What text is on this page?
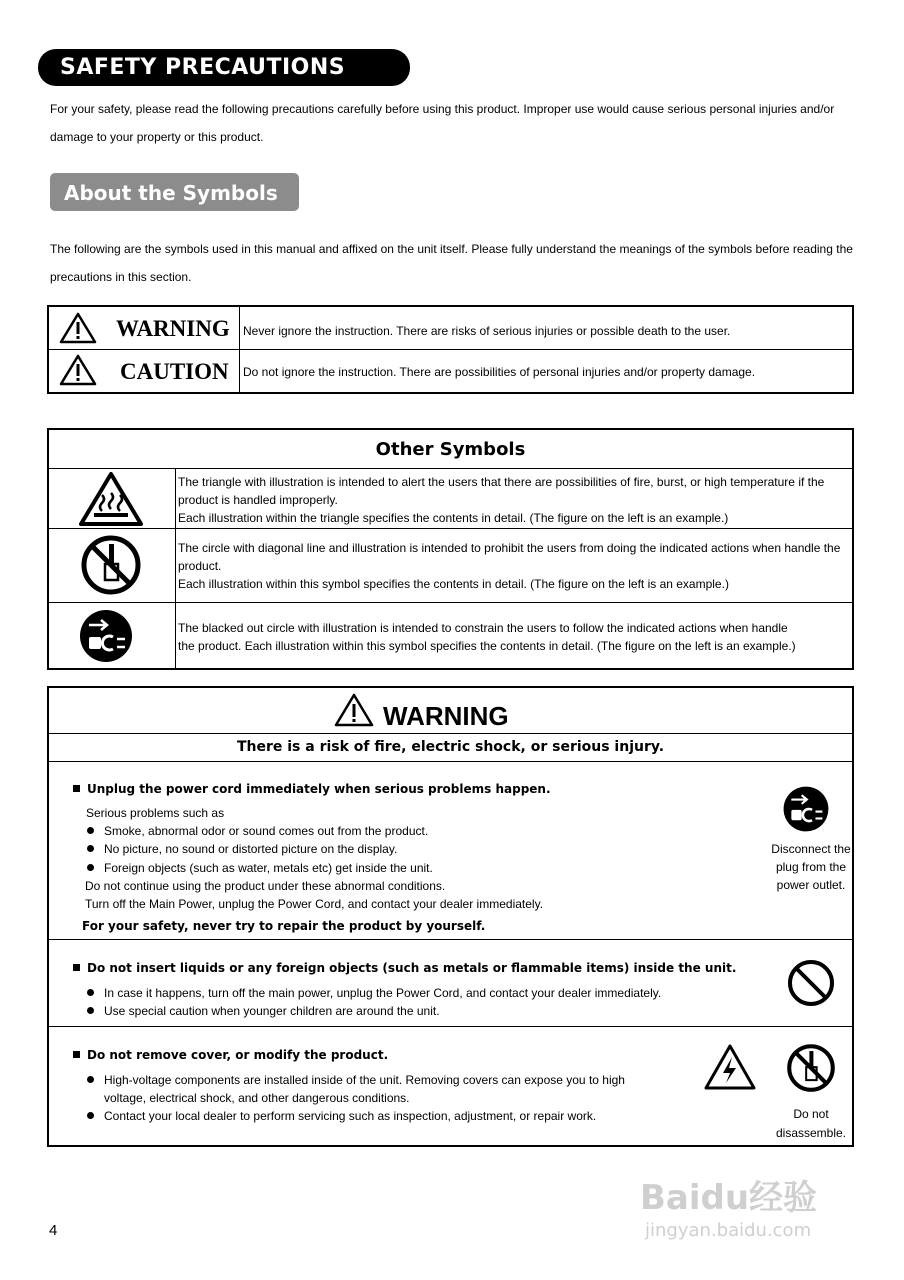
SAFETY PRECAUTIONS
For your safety, please read the following precautions carefully before using this product. Improper use would cause serious personal injuries and/or
damage to your property or this product.
About the Symbols
The following are the symbols used in this manual and affixed on the unit itself. Please fully understand the meanings of the symbols before reading the
precautions in this section.
WARNING Never ignore the instruction. There are risks of serious injuries or possible death to the user.
CAUTION Do not ignore the instruction. There are possibilities of personal injuries and/or property damage.
Other Symbols
The triangle with illustration is intended to alert the users that there are possibilities of fire, burst, or high temperature if the
product is handled improperly.
Each illustration within the triangle specifies the contents in detail. (The figure on the left is an example.)
The circle with diagonal line and illustration is intended to prohibit the users from doing the indicated actions when handle the
product.
Each illustration within this symbol specifies the contents in detail. (The figure on the left is an example.)
The blacked out circle with illustration is intended to constrain the users to follow the indicated actions when handle
the product. Each illustration within this symbol specifies the contents in detail. (The figure on the left is an example.)
WARNING
There is a risk of fire, electric shock, or serious injury.
Unplug the power cord immediately when serious problems happen.
Serious problems such as
Smoke, abnormal odor or sound comes out from the product.
No picture, no sound or distorted picture on the display.
Foreign objects (such as water, metals etc) get inside the unit.
Do not continue using the product under these abnormal conditions.
Turn off the Main Power, unplug the Power Cord, and contact your dealer immediately.
For your safety, never try to repair the product by yourself.
Disconnect the
plug from the
power outlet.
Do not insert liquids or any foreign objects (such as metals or flammable items) inside the unit.
In case it happens, turn off the main power, unplug the Power Cord, and contact your dealer immediately.
Use special caution when younger children are around the unit.
Do not remove cover, or modify the product.
High-voltage components are installed inside of the unit. Removing covers can expose you to high
voltage, electrical shock, and other dangerous conditions.
Contact your local dealer to perform servicing such as inspection, adjustment, or repair work.	Do not
disassemble.
4
Baidu经验
jingyan.baidu.com
